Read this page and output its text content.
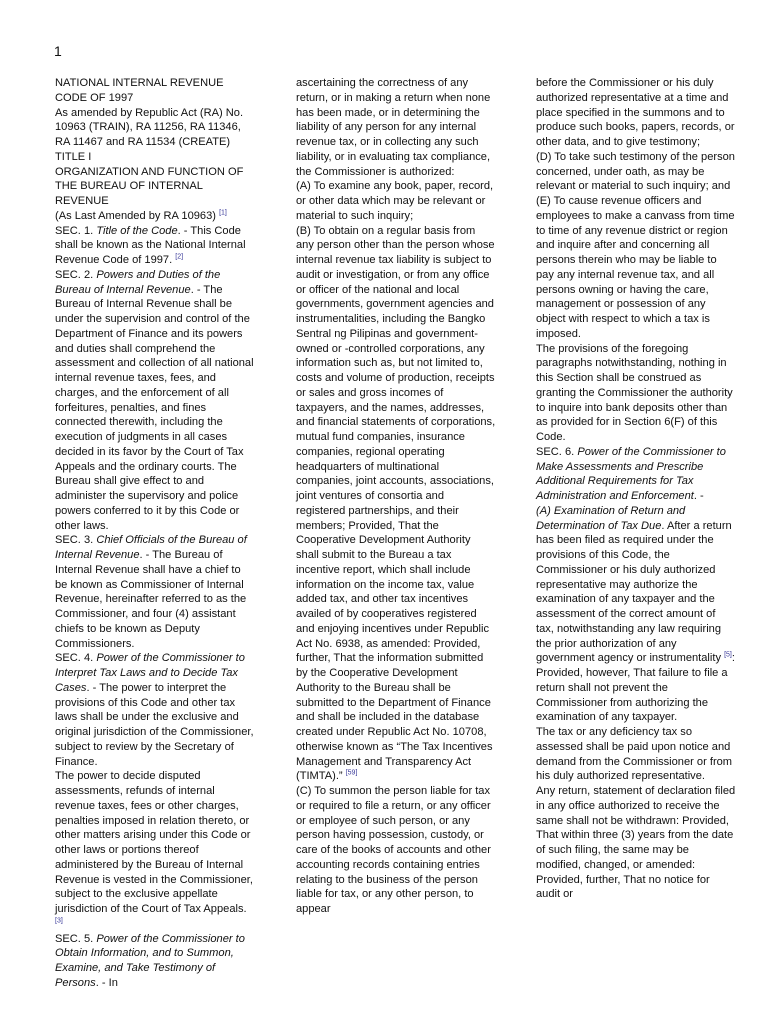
1

NATIONAL INTERNAL REVENUE CODE OF 1997

As amended by Republic Act (RA) No. 10963 (TRAIN), RA 11256, RA 11346, RA 11467 and RA 11534 (CREATE)

TITLE I

ORGANIZATION AND FUNCTION OF THE BUREAU OF INTERNAL REVENUE

(As Last Amended by RA 10963) [1]

SEC. 1. Title of the Code. - This Code shall be known as the National Internal Revenue Code of 1997. [2]

SEC. 2. Powers and Duties of the Bureau of Internal Revenue. - The Bureau of Internal Revenue shall be under the supervision and control of the Department of Finance and its powers and duties shall comprehend the assessment and collection of all national internal revenue taxes, fees, and charges, and the enforcement of all forfeitures, penalties, and fines connected therewith, including the execution of judgments in all cases decided in its favor by the Court of Tax Appeals and the ordinary courts. The Bureau shall give effect to and administer the supervisory and police powers conferred to it by this Code or other laws.

SEC. 3. Chief Officials of the Bureau of Internal Revenue. - The Bureau of Internal Revenue shall have a chief to be known as Commissioner of Internal Revenue, hereinafter referred to as the Commissioner, and four (4) assistant chiefs to be known as Deputy Commissioners.

SEC. 4. Power of the Commissioner to Interpret Tax Laws and to Decide Tax Cases. - The power to interpret the provisions of this Code and other tax laws shall be under the exclusive and original jurisdiction of the Commissioner, subject to review by the Secretary of Finance.

The power to decide disputed assessments, refunds of internal revenue taxes, fees or other charges, penalties imposed in relation thereto, or other matters arising under this Code or other laws or portions thereof administered by the Bureau of Internal Revenue is vested in the Commissioner, subject to the exclusive appellate jurisdiction of the Court of Tax Appeals. [3]

SEC. 5. Power of the Commissioner to Obtain Information, and to Summon, Examine, and Take Testimony of Persons. - In

ascertaining the correctness of any return, or in making a return when none has been made, or in determining the liability of any person for any internal revenue tax, or in collecting any such liability, or in evaluating tax compliance, the Commissioner is authorized:

(A) To examine any book, paper, record, or other data which may be relevant or material to such inquiry;

(B) To obtain on a regular basis from any person other than the person whose internal revenue tax liability is subject to audit or investigation, or from any office or officer of the national and local governments, government agencies and instrumentalities, including the Bangko Sentral ng Pilipinas and government-owned or -controlled corporations, any information such as, but not limited to, costs and volume of production, receipts or sales and gross incomes of taxpayers, and the names, addresses, and financial statements of corporations, mutual fund companies, insurance companies, regional operating headquarters of multinational companies, joint accounts, associations, joint ventures of consortia and registered partnerships, and their members; Provided, That the Cooperative Development Authority shall submit to the Bureau a tax incentive report, which shall include information on the income tax, value added tax, and other tax incentives availed of by cooperatives registered and enjoying incentives under Republic Act No. 6938, as amended: Provided, further, That the information submitted by the Cooperative Development Authority to the Bureau shall be submitted to the Department of Finance and shall be included in the database created under Republic Act No. 10708, otherwise known as “The Tax Incentives Management and Transparency Act (TIMTA).” [59]

(C) To summon the person liable for tax or required to file a return, or any officer or employee of such person, or any person having possession, custody, or care of the books of accounts and other accounting records containing entries relating to the business of the person liable for tax, or any other person, to appear

before the Commissioner or his duly authorized representative at a time and place specified in the summons and to produce such books, papers, records, or other data, and to give testimony;

(D) To take such testimony of the person concerned, under oath, as may be relevant or material to such inquiry; and

(E) To cause revenue officers and employees to make a canvass from time to time of any revenue district or region and inquire after and concerning all persons therein who may be liable to pay any internal revenue tax, and all persons owning or having the care, management or possession of any object with respect to which a tax is imposed.

The provisions of the foregoing paragraphs notwithstanding, nothing in this Section shall be construed as granting the Commissioner the authority to inquire into bank deposits other than as provided for in Section 6(F) of this Code.

SEC. 6. Power of the Commissioner to Make Assessments and Prescribe Additional Requirements for Tax Administration and Enforcement. -
(A) Examination of Return and Determination of Tax Due. After a return has been filed as required under the provisions of this Code, the Commissioner or his duly authorized representative may authorize the examination of any taxpayer and the assessment of the correct amount of tax, notwithstanding any law requiring the prior authorization of any government agency or instrumentality [5]: Provided, however, That failure to file a return shall not prevent the Commissioner from authorizing the examination of any taxpayer.

The tax or any deficiency tax so assessed shall be paid upon notice and demand from the Commissioner or from his duly authorized representative.

Any return, statement of declaration filed in any office authorized to receive the same shall not be withdrawn: Provided, That within three (3) years from the date of such filing, the same may be modified, changed, or amended: Provided, further, That no notice for audit or
